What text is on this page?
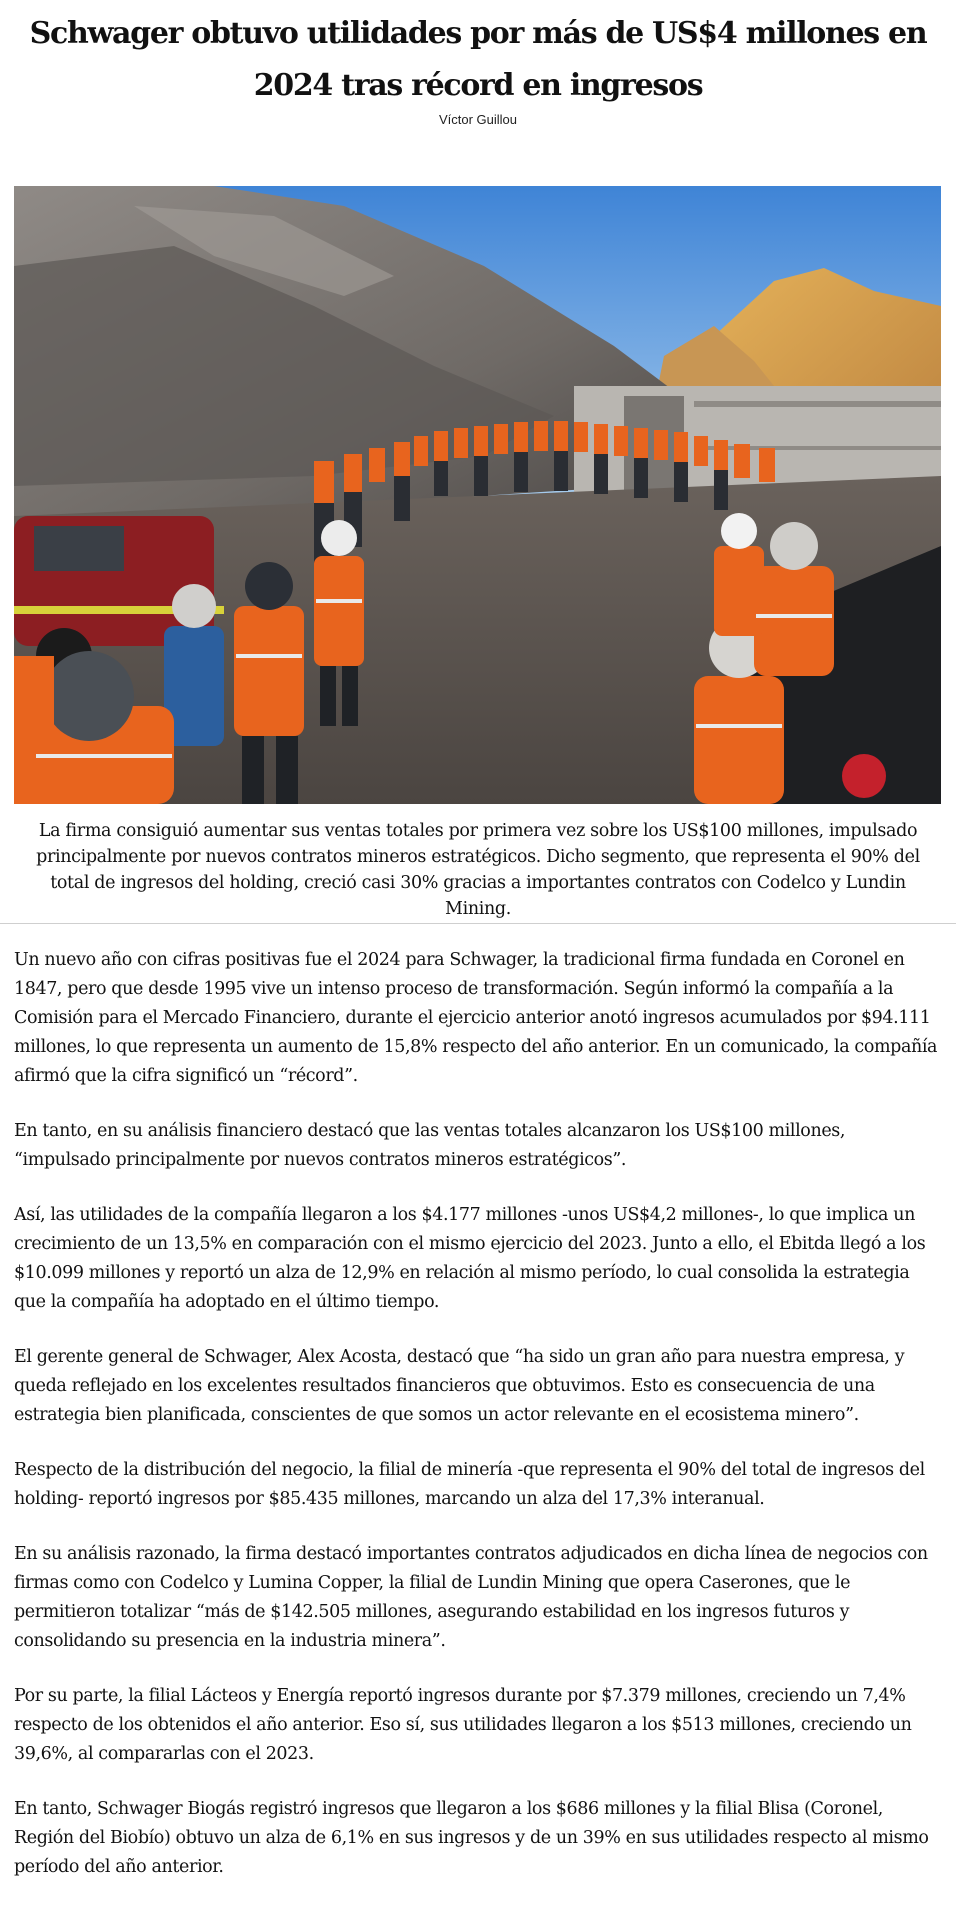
Schwager obtuvo utilidades por más de US$4 millones en 2024 tras récord en ingresos
Víctor Guillou

La firma consiguió aumentar sus ventas totales por primera vez sobre los US$100 millones, impulsado principalmente por nuevos contratos mineros estratégicos. Dicho segmento, que representa el 90% del total de ingresos del holding, creció casi 30% gracias a importantes contratos con Codelco y Lundin Mining.

Un nuevo año con cifras positivas fue el 2024 para Schwager, la tradicional firma fundada en Coronel en 1847, pero que desde 1995 vive un intenso proceso de transformación. Según informó la compañía a la Comisión para el Mercado Financiero, durante el ejercicio anterior anotó ingresos acumulados por $94.111 millones, lo que representa un aumento de 15,8% respecto del año anterior. En un comunicado, la compañía afirmó que la cifra significó un “récord”.

En tanto, en su análisis financiero destacó que las ventas totales alcanzaron los US$100 millones, “impulsado principalmente por nuevos contratos mineros estratégicos”.

Así, las utilidades de la compañía llegaron a los $4.177 millones -unos US$4,2 millones-, lo que implica un crecimiento de un 13,5% en comparación con el mismo ejercicio del 2023. Junto a ello, el Ebitda llegó a los $10.099 millones y reportó un alza de 12,9% en relación al mismo período, lo cual consolida la estrategia que la compañía ha adoptado en el último tiempo.

El gerente general de Schwager, Alex Acosta, destacó que “ha sido un gran año para nuestra empresa, y queda reflejado en los excelentes resultados financieros que obtuvimos. Esto es consecuencia de una estrategia bien planificada, conscientes de que somos un actor relevante en el ecosistema minero”.

Respecto de la distribución del negocio, la filial de minería -que representa el 90% del total de ingresos del holding- reportó ingresos por $85.435 millones, marcando un alza del 17,3% interanual.

En su análisis razonado, la firma destacó importantes contratos adjudicados en dicha línea de negocios con firmas como con Codelco y Lumina Copper, la filial de Lundin Mining que opera Caserones, que le permitieron totalizar “más de $142.505 millones, asegurando estabilidad en los ingresos futuros y consolidando su presencia en la industria minera”.

Por su parte, la filial Lácteos y Energía reportó ingresos durante por $7.379 millones, creciendo un 7,4% respecto de los obtenidos el año anterior. Eso sí, sus utilidades llegaron a los $513 millones, creciendo un 39,6%, al compararlas con el 2023.

En tanto, Schwager Biogás registró ingresos que llegaron a los $686 millones y la filial Blisa (Coronel, Región del Biobío) obtuvo un alza de 6,1% en sus ingresos y de un 39% en sus utilidades respecto al mismo período del año anterior.
